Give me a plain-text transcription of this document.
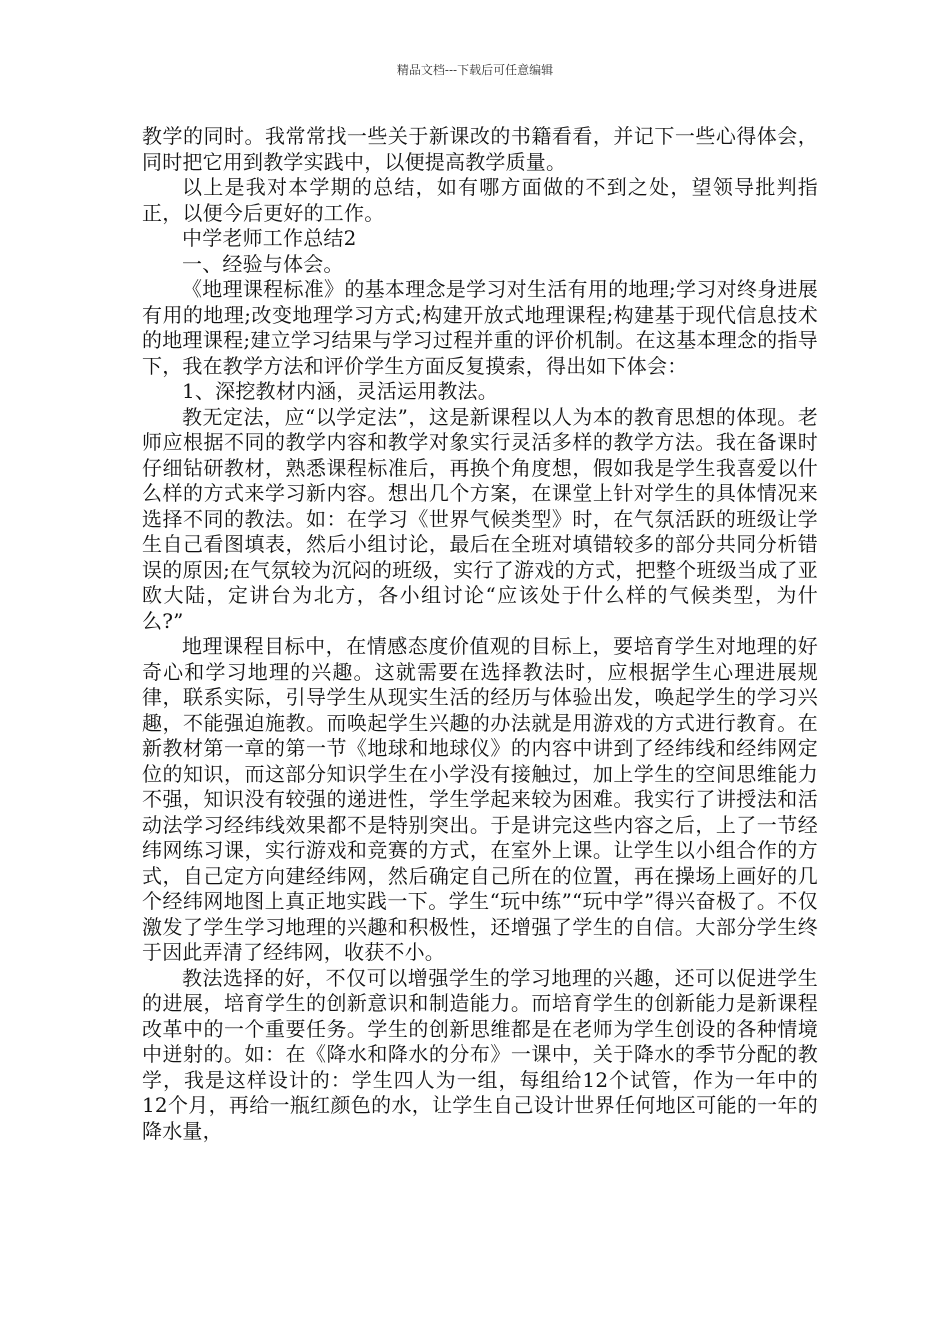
精品文档---下载后可任意编辑

教学的同时。我常常找一些关于新课改的书籍看看，并记下一些心得体会，同时把它用到教学实践中，以便提高教学质量。

以上是我对本学期的总结，如有哪方面做的不到之处，望领导批判指正，以便今后更好的工作。

中学老师工作总结2

一、经验与体会。

《地理课程标准》的基本理念是学习对生活有用的地理;学习对终身进展有用的地理;改变地理学习方式;构建开放式地理课程;构建基于现代信息技术的地理课程;建立学习结果与学习过程并重的评价机制。在这基本理念的指导下，我在教学方法和评价学生方面反复摸索，得出如下体会：

1、深挖教材内涵，灵活运用教法。

教无定法，应“以学定法”，这是新课程以人为本的教育思想的体现。老师应根据不同的教学内容和教学对象实行灵活多样的教学方法。我在备课时仔细钻研教材，熟悉课程标准后，再换个角度想，假如我是学生我喜爱以什么样的方式来学习新内容。想出几个方案，在课堂上针对学生的具体情况来选择不同的教法。如：在学习《世界气候类型》时，在气氛活跃的班级让学生自己看图填表，然后小组讨论，最后在全班对填错较多的部分共同分析错误的原因;在气氛较为沉闷的班级，实行了游戏的方式，把整个班级当成了亚欧大陆，定讲台为北方，各小组讨论“应该处于什么样的气候类型，为什么?”

地理课程目标中，在情感态度价值观的目标上，要培育学生对地理的好奇心和学习地理的兴趣。这就需要在选择教法时，应根据学生心理进展规律，联系实际，引导学生从现实生活的经历与体验出发，唤起学生的学习兴趣，不能强迫施教。而唤起学生兴趣的办法就是用游戏的方式进行教育。在新教材第一章的第一节《地球和地球仪》的内容中讲到了经纬线和经纬网定位的知识，而这部分知识学生在小学没有接触过，加上学生的空间思维能力不强，知识没有较强的递进性，学生学起来较为困难。我实行了讲授法和活动法学习经纬线效果都不是特别突出。于是讲完这些内容之后，上了一节经纬网练习课，实行游戏和竞赛的方式，在室外上课。让学生以小组合作的方式，自己定方向建经纬网，然后确定自己所在的位置，再在操场上画好的几个经纬网地图上真正地实践一下。学生“玩中练”“玩中学”得兴奋极了。不仅激发了学生学习地理的兴趣和积极性，还增强了学生的自信。大部分学生终于因此弄清了经纬网，收获不小。

教法选择的好，不仅可以增强学生的学习地理的兴趣，还可以促进学生的进展，培育学生的创新意识和制造能力。而培育学生的创新能力是新课程改革中的一个重要任务。学生的创新思维都是在老师为学生创设的各种情境中迸射的。如：在《降水和降水的分布》一课中，关于降水的季节分配的教学，我是这样设计的：学生四人为一组，每组给12个试管，作为一年中的12个月，再给一瓶红颜色的水，让学生自己设计世界任何地区可能的一年的降水量，
